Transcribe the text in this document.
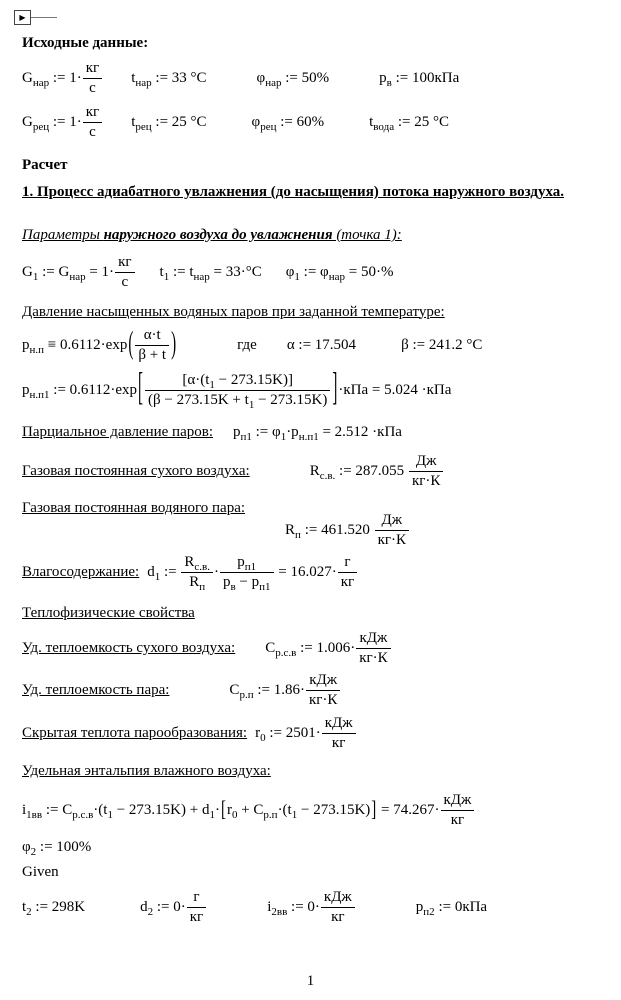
▶
Исходные данные:
$G_{нар}$ := $1\cdot \frac{кг}{с} t_{нар}$ := 33 °C	$\varphi_{нар}$ := 50%	$p_в$ := 100кПа
$G_{рец}$ := $1\cdot \frac{кг}{с} t_{рец}$ := 25 °C	$\varphi_{рец}$ := 60%	$t_{вода}$ := 25 °C
Расчет
1. Процесс адиабатного увлажнения (до насыщения) потока наружного воздуха.
Параметры наружного воздуха до увлажнения (точка 1):
$G_1$ := $G_{нар} = 1\cdot \frac{кг}{с} t_1$ := $t_{нар} = 33\cdot^\circ C$ $\varphi_1$ := $\varphi_{нар} = 50\cdot\%$
Давление насыщенных водяных паров при заданной температуре:
$p_{н.п} \equiv 0.6112\cdot\exp( \frac{\alpha\cdot t}{\beta + t}$ )	где α := 17.504	β := 241.2 °C
$p_{н.п1}$ := $0.6112\cdot\exp[ \frac{[\alpha\cdot(t_1 - 273.15K)]}{(\beta - 273.15K + t_1 - 273.15K)} ]\cdot кПа = 5.024 \cdot кПа$
Парциальное давление паров: $p_{п1}$ := $\varphi_1\cdot p_{н.п1} = 2.512 \cdot кПа$
Газовая постоянная сухого воздуха:	$R_{с.в.}$ := $287.055 \frac{Дж}{кг\cdot К}$
Газовая постоянная водяного пара:
$R_п$ := $461.520 \frac{Дж}{кг\cdot К}$
Влагосодержание: $d_1$ := $\frac{R_{с.в.}}{R_п} \cdot \frac{p_{п1}}{p_в - p_{п1}} = 16.027\cdot \frac{г}{кг}$
Теплофизические свойства
Уд. теплоемкость сухого воздуха: $C_{р.с.в}$ := $1.006\cdot \frac{\text{кДж}}{кг\cdot К}$
Уд. теплоемкость пара:	$C_{р.п}$ := $1.86\cdot \frac{\text{кДж}}{кг\cdot К}$
Скрытая теплота парообразования: $r_0$ := $2501\cdot \frac{\text{кДж}}{кг}$
Удельная энтальпия влажного воздуха:
$i_{1вв}$ := $C_{р.с.в}\cdot(t_1 - 273.15K) + d_1\cdot[r_0 + C_{р.п}\cdot(t_1 - 273.15K)] = 74.267\cdot \frac{\text{кДж}}{кг}$
$\varphi_2$ := 100%
Given
$t_2$ := 298K	$d_2$ := $0\cdot \frac{г}{кг}$	$i_{2вв}$ := $0\cdot \frac{\text{кДж}}{кг}$	$p_{п2}$ := 0кПа
1
